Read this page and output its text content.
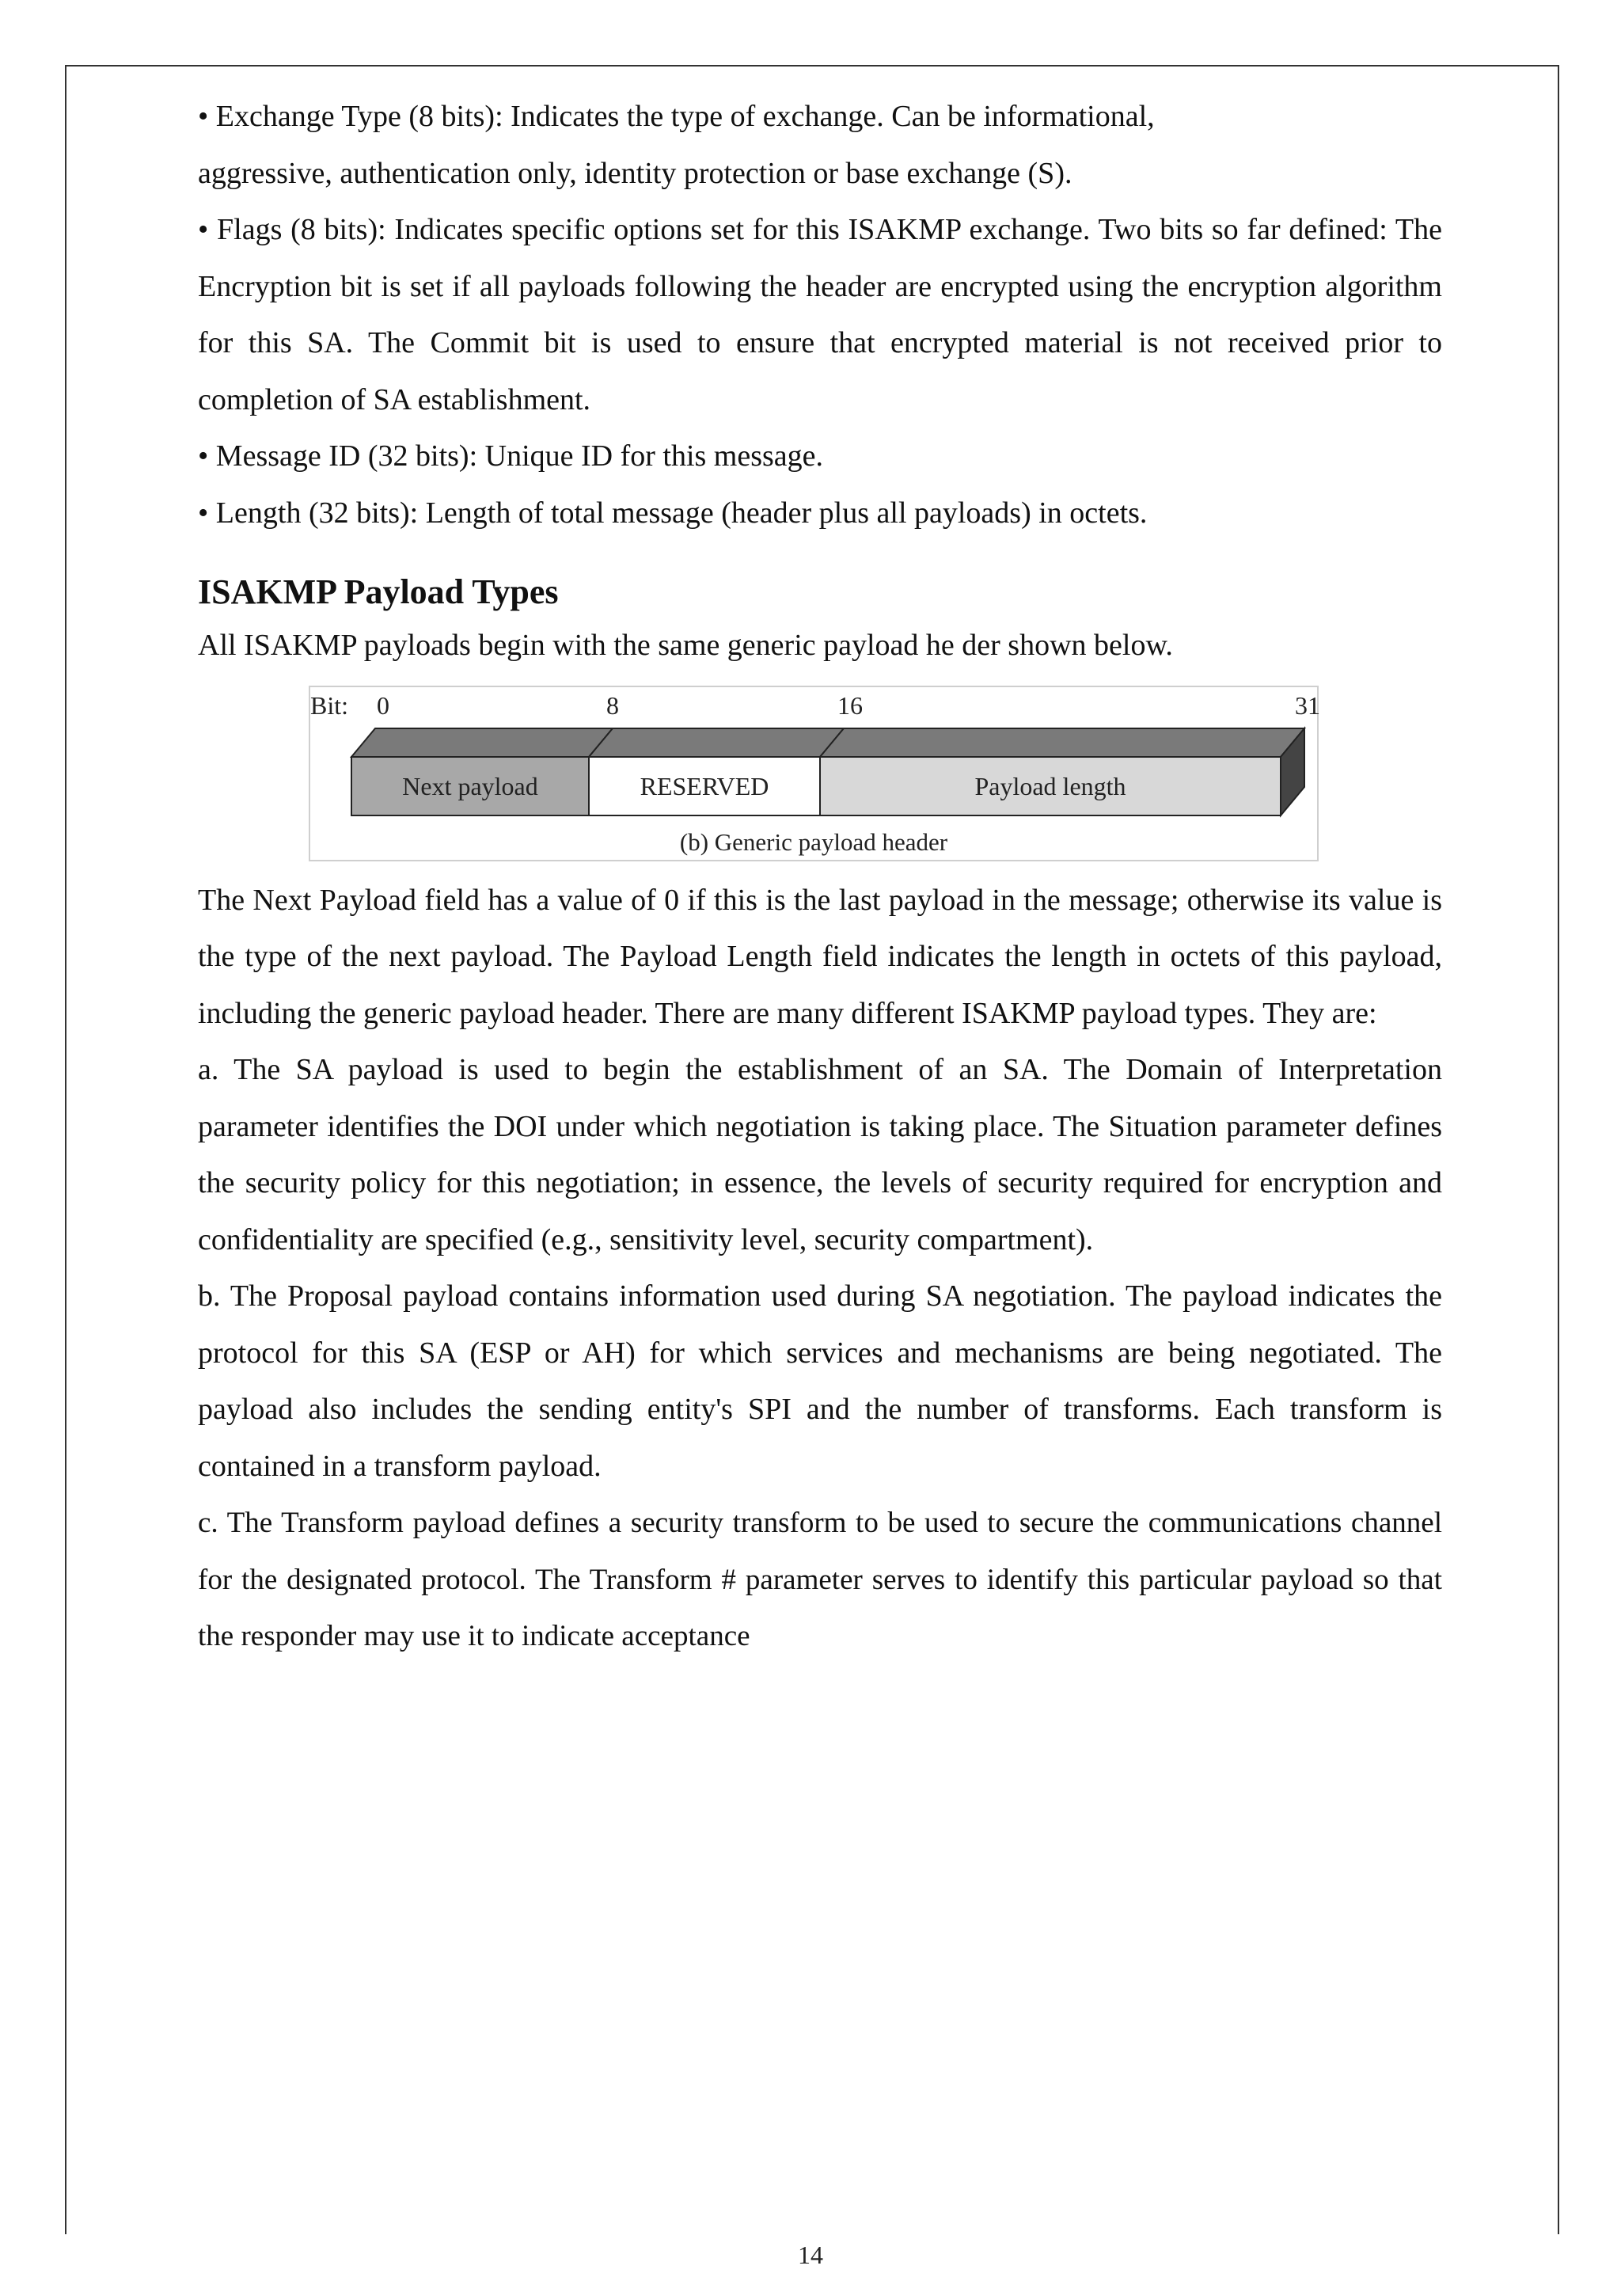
• Exchange Type (8 bits): Indicates the type of exchange. Can be informational,

aggressive, authentication only, identity protection or base exchange (S).

• Flags (8 bits): Indicates specific options set for this ISAKMP exchange. Two bits so far defined: The Encryption bit is set if all payloads following the header are encrypted using the encryption algorithm for this SA. The Commit bit is used to ensure that encrypted material is not received prior to completion of SA establishment.

• Message ID (32 bits): Unique ID for this message.

• Length (32 bits): Length of total message (header plus all payloads) in octets.

ISAKMP Payload Types

All ISAKMP payloads begin with the same generic payload he der shown below.

Bit: 0	8	16	31
Next payload	RESERVED	Payload length
(b) Generic payload header

The Next Payload field has a value of 0 if this is the last payload in the message; otherwise its value is the type of the next payload. The Payload Length field indicates the length in octets of this payload, including the generic payload header. There are many different ISAKMP payload types. They are:

a. The SA payload is used to begin the establishment of an SA. The Domain of Interpretation parameter identifies the DOI under which negotiation is taking place. The Situation parameter defines the security policy for this negotiation; in essence, the levels of security required for encryption and confidentiality are specified (e.g., sensitivity level, security compartment).

b. The Proposal payload contains information used during SA negotiation. The payload indicates the protocol for this SA (ESP or AH) for which services and mechanisms are being negotiated. The payload also includes the sending entity's SPI and the number of transforms. Each transform is contained in a transform payload.

c. The Transform payload defines a security transform to be used to secure the communications channel for the designated protocol. The Transform # parameter serves to identify this particular payload so that the responder may use it to indicate acceptance

14
